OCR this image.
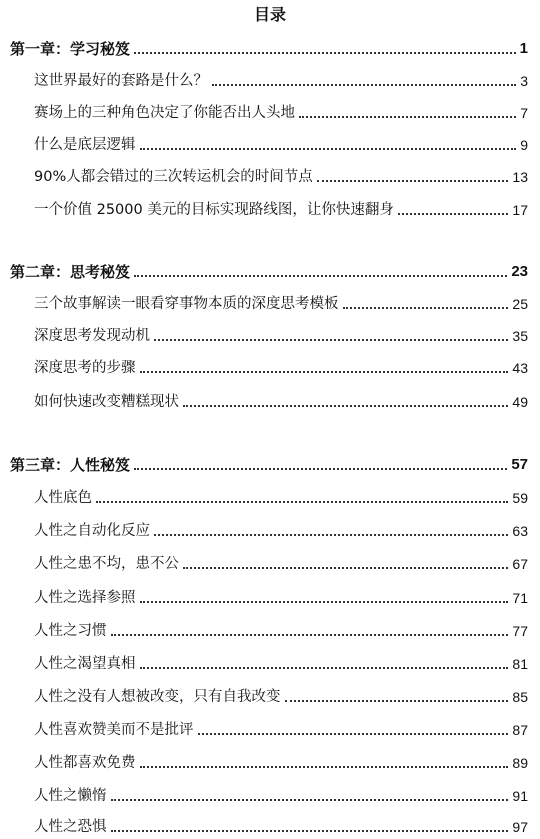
目录
第一章：学习秘笈	1
这世界最好的套路是什么？	3
赛场上的三种角色决定了你能否出人头地	7
什么是底层逻辑	9
90%人都会错过的三次转运机会的时间节点	13
一个价值 25000 美元的目标实现路线图，让你快速翻身	17
第二章：思考秘笈	23
三个故事解读一眼看穿事物本质的深度思考模板	25
深度思考发现动机	35
深度思考的步骤	43
如何快速改变糟糕现状	49
第三章：人性秘笈	57
人性底色	59
人性之自动化反应	63
人性之患不均，患不公	67
人性之选择参照	71
人性之习惯	77
人性之渴望真相	81
人性之没有人想被改变，只有自我改变	85
人性喜欢赞美而不是批评	87
人性都喜欢免费	89
人性之懒惰	91
人性之恐惧	97
